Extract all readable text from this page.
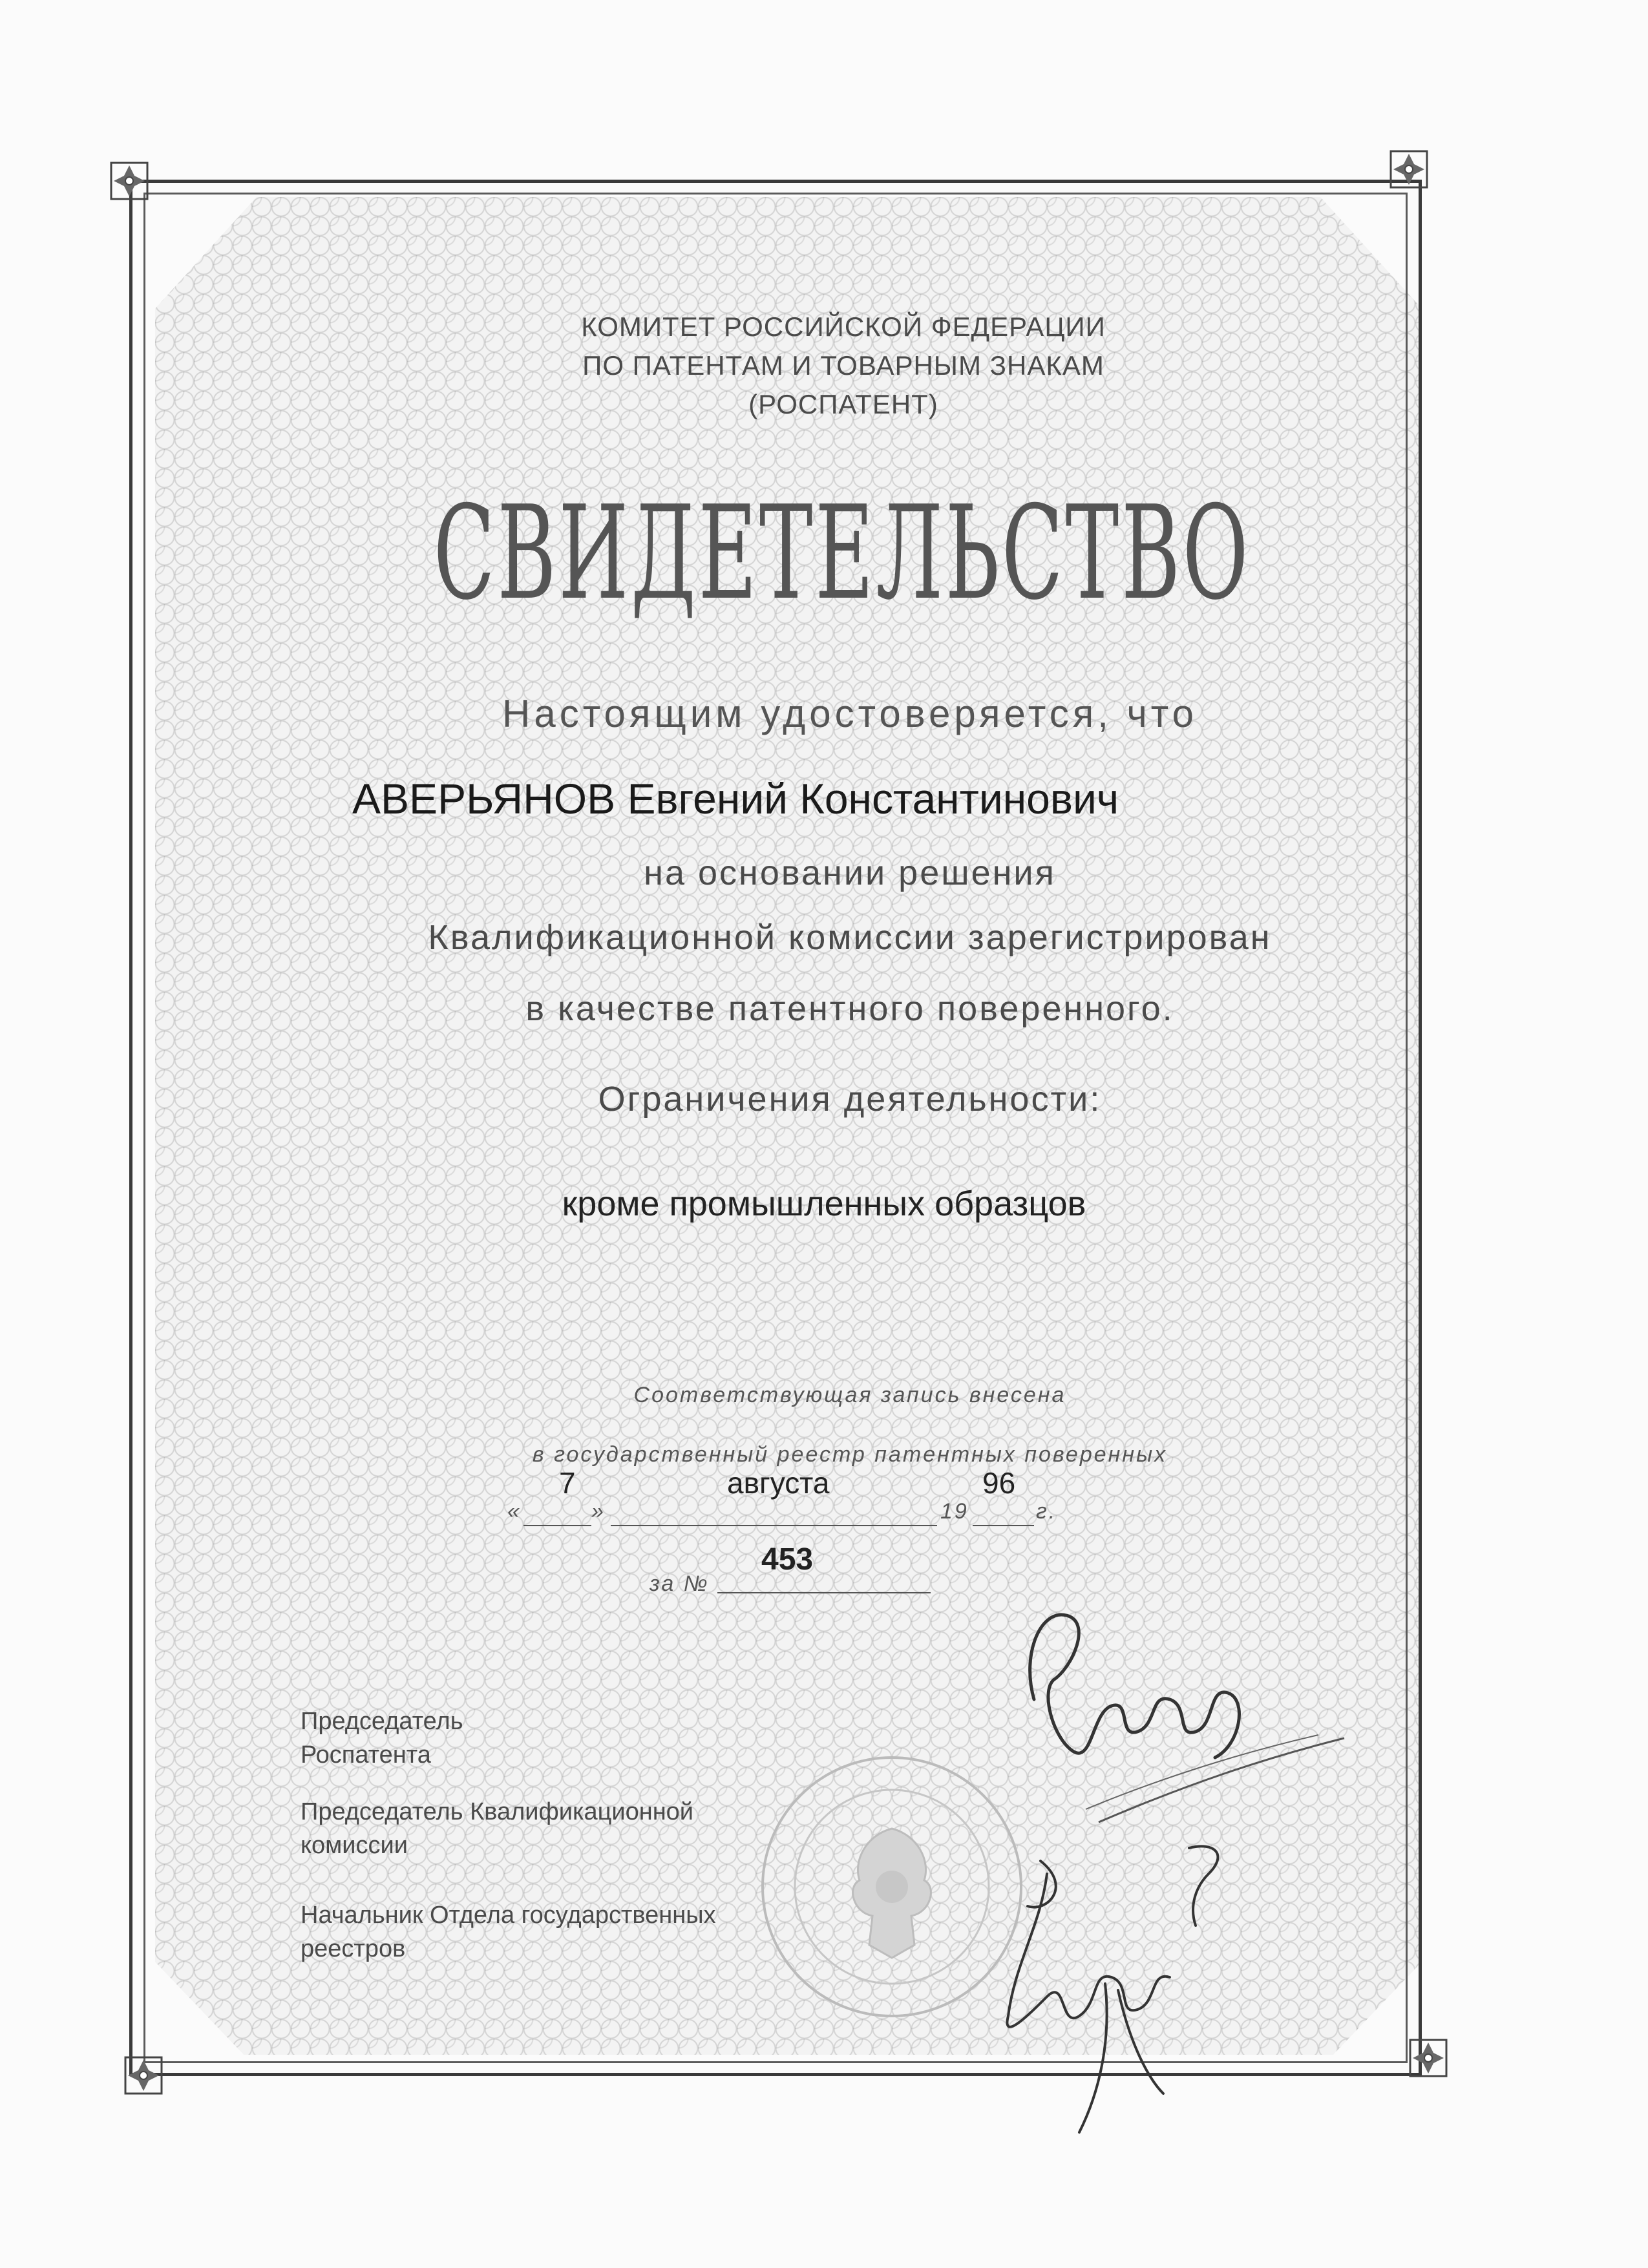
КОМИТЕТ РОССИЙСКОЙ ФЕДЕРАЦИИ
ПО ПАТЕНТАМ И ТОВАРНЫМ ЗНАКАМ
(РОСПАТЕНТ)
СВИДЕТЕЛЬСТВО
Настоящим удостоверяется, что
АВЕРЬЯНОВ Евгений Константинович
на основании решения
Квалификационной комиссии зарегистрирован
в качестве патентного поверенного.
Ограничения деятельности:
кроме промышленных образцов
Соответствующая запись внесена
в государственный реестр патентных поверенных
7	августа	96
«	»	19	г.
за №
453
Председатель
Роспатента
Председатель Квалификационной
комиссии
Начальник Отдела государственных
реестров
